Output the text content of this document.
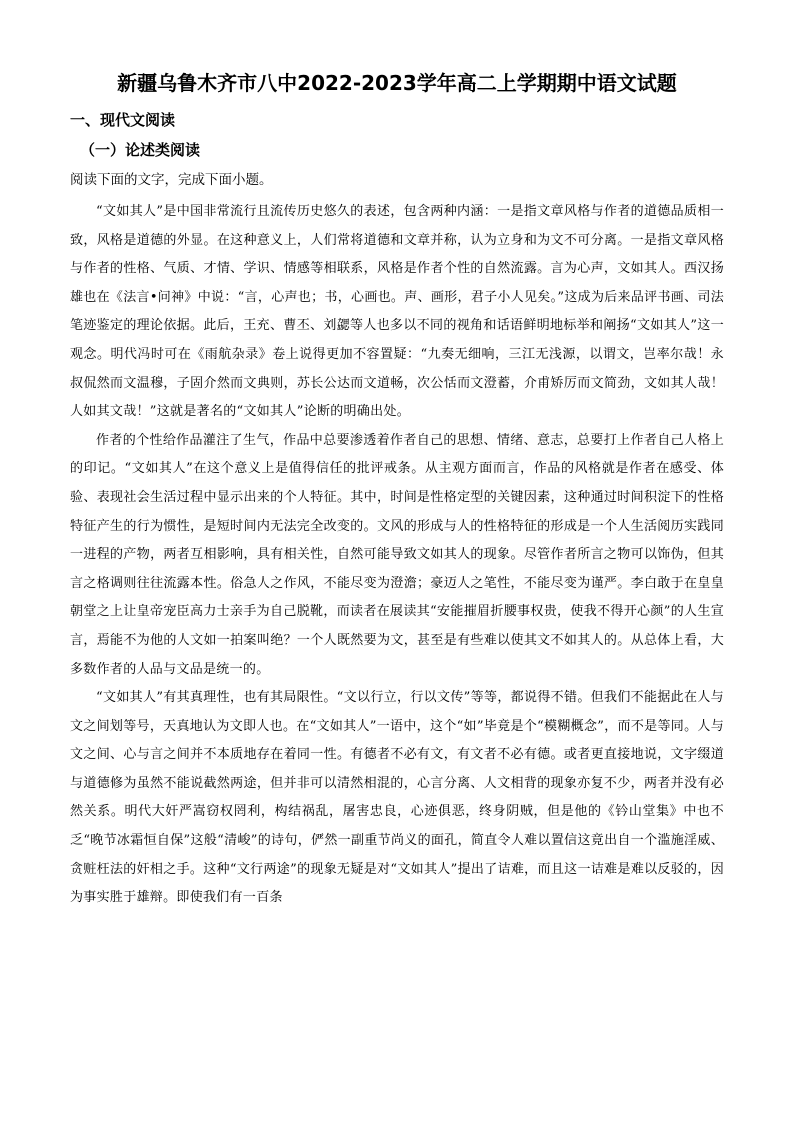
新疆乌鲁木齐市八中2022-2023学年高二上学期期中语文试题
一、现代文阅读
（一）论述类阅读
阅读下面的文字，完成下面小题。

“文如其人”是中国非常流行且流传历史悠久的表述，包含两种内涵：一是指文章风格与作者的道德品质相一致，风格是道德的外显。在这种意义上，人们常将道德和文章并称，认为立身和为文不可分离。一是指文章风格与作者的性格、气质、才情、学识、情感等相联系，风格是作者个性的自然流露。言为心声，文如其人。西汉扬雄也在《法言•问神》中说：“言，心声也；书，心画也。声、画形，君子小人见矣。”这成为后来品评书画、司法笔迹鉴定的理论依据。此后，王充、曹丕、刘勰等人也多以不同的视角和话语鲜明地标举和阐扬“文如其人”这一观念。明代冯时可在《雨航杂录》卷上说得更加不容置疑：“九奏无细响，三江无浅源，以谓文，岂率尔哉！永叔侃然而文温穆，子固介然而文典则，苏长公达而文道畅，次公恬而文澄蓄，介甫矫厉而文简劲，文如其人哉！人如其文哉！”这就是著名的“文如其人”论断的明确出处。

作者的个性给作品灌注了生气，作品中总要渗透着作者自己的思想、情绪、意志，总要打上作者自己人格上的印记。“文如其人”在这个意义上是值得信任的批评戒条。从主观方面而言，作品的风格就是作者在感受、体验、表现社会生活过程中显示出来的个人特征。其中，时间是性格定型的关键因素，这种通过时间积淀下的性格特征产生的行为惯性，是短时间内无法完全改变的。文风的形成与人的性格特征的形成是一个人生活阅历实践同一进程的产物，两者互相影响，具有相关性，自然可能导致文如其人的现象。尽管作者所言之物可以饰伪，但其言之格调则往往流露本性。俗急人之作风，不能尽变为澄澹；豪迈人之笔性，不能尽变为谨严。李白敢于在皇皇朝堂之上让皇帝宠臣高力士亲手为自己脱靴，而读者在展读其“安能摧眉折腰事权贵，使我不得开心颜”的人生宣言，焉能不为他的人文如一拍案叫绝？一个人既然要为文，甚至是有些难以使其文不如其人的。从总体上看，大多数作者的人品与文品是统一的。

“文如其人”有其真理性，也有其局限性。“文以行立，行以文传”等等，都说得不错。但我们不能据此在人与文之间划等号，天真地认为文即人也。在“文如其人”一语中，这个“如”毕竟是个“模糊概念”，而不是等同。人与文之间、心与言之间并不本质地存在着同一性。有德者不必有文，有文者不必有德。或者更直接地说，文字缀道与道德修为虽然不能说截然两途，但并非可以清然相混的，心言分离、人文相背的现象亦复不少，两者并没有必然关系。明代大奸严嵩窃权罔利，构结祸乱，屠害忠良，心迹俱恶，终身阴贼，但是他的《钤山堂集》中也不乏“晚节冰霜恒自保”这般“清峻”的诗句，俨然一副重节尚义的面孔，简直令人难以置信这竟出自一个滥施淫威、贪赃枉法的奸相之手。这种“文行两途”的现象无疑是对“文如其人”提出了诘难，而且这一诘难是难以反驳的，因为事实胜于雄辩。即使我们有一百条
